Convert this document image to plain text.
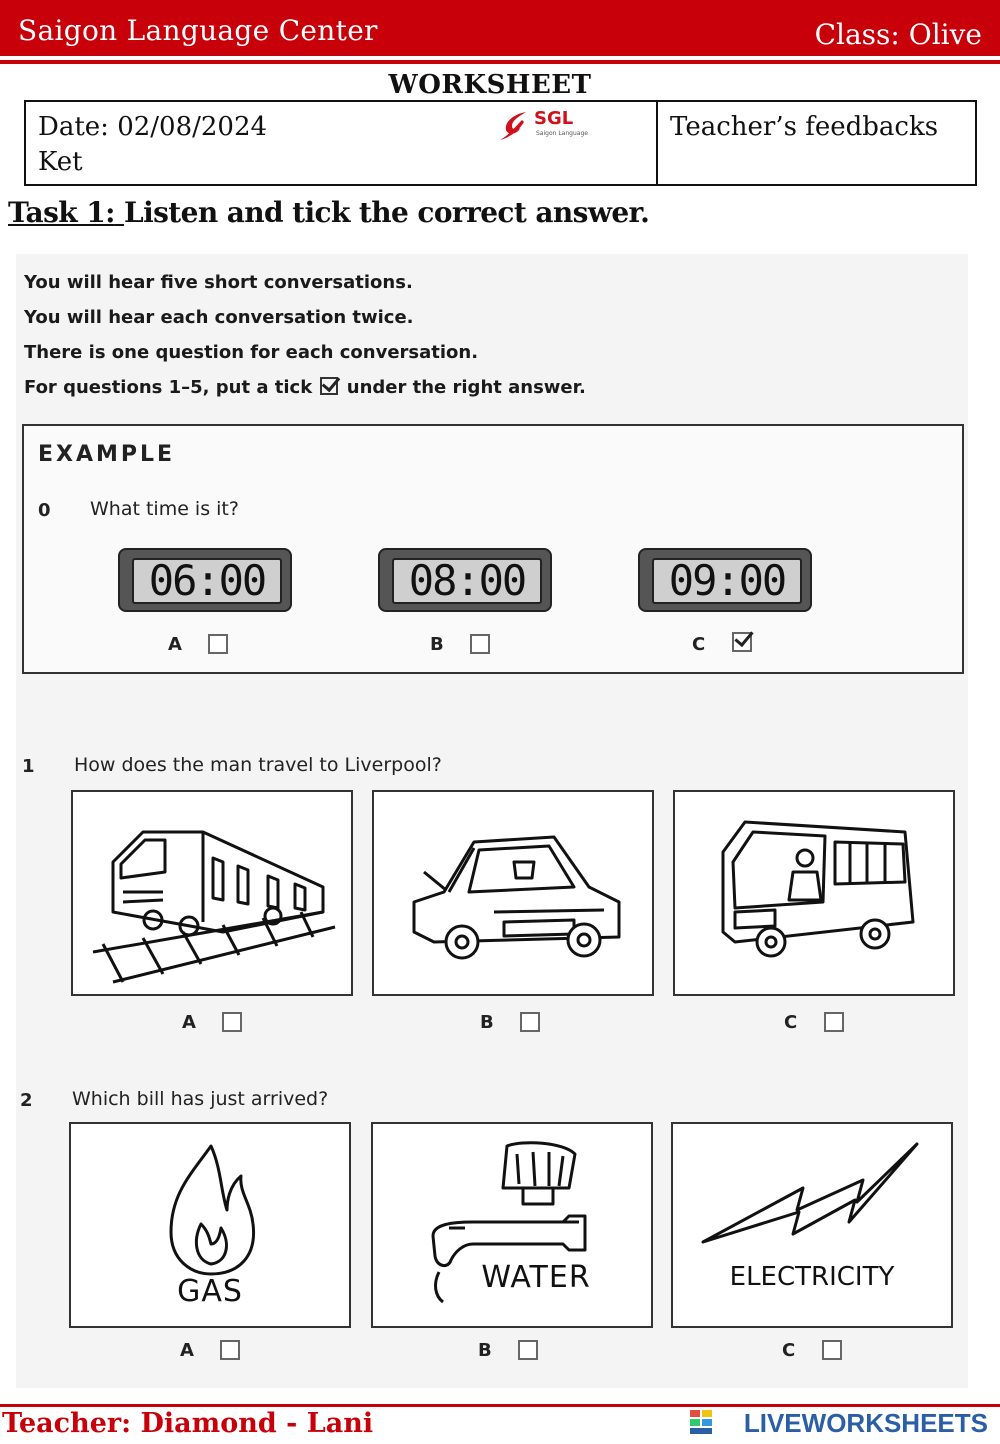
Saigon Language Center	Class: Olive
WORKSHEET
Date: 02/08/2024
Ket
SGL
Saigon Language	Teacher’s feedbacks
Task 1: Listen and tick the correct answer.
You will hear five short conversations.
You will hear each conversation twice.
There is one question for each conversation.
For questions 1–5, put a tick under the right answer.
EXAMPLE
0 What time is it?
06:00	08:00	09:00
A	B	C
1 How does the man travel to Liverpool?
A	B	C
2 Which bill has just arrived?
GAS	WATER	ELECTRICITY
A	B	C
Teacher: Diamond - Lani	LIVEWORKSHEETS
